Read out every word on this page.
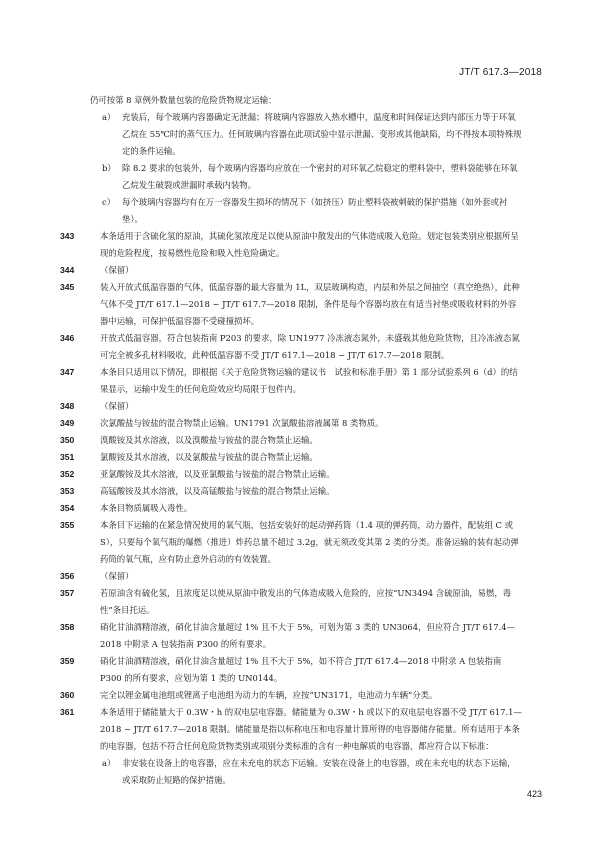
JT/T 617.3—2018

仍可按第 8 章例外数量包装的危险货物规定运输：

a） 充装后，每个玻璃内容器确定无泄漏；将玻璃内容器放入热水槽中，温度和时间保证达到内部压力等于环氧乙烷在 55℃时的蒸气压力。任何玻璃内容器在此项试验中显示泄漏、变形或其他缺陷，均不得按本项特殊规定的条件运输。
b） 除 8.2 要求的包装外，每个玻璃内容器均应放在一个密封的对环氧乙烷稳定的塑料袋中，塑料袋能够在环氧乙烷发生破裂或泄漏时承载内装物。
c） 每个玻璃内容器均有在万一容器发生损坏的情况下（如挤压）防止塑料袋被刺破的保护措施（如外套或衬垫）。
343	本条适用于含硫化氢的原油，其硫化氢浓度足以使从原油中散发出的气体造成吸入危险。划定包装类别应根据所呈现的危险程度，按易燃性危险和吸入性危险确定。
344	（保留）
345	装入开放式低温容器的气体，低温容器的最大容量为 1L，双层玻璃构造，内层和外层之间抽空（真空绝热），此种气体不受 JT/T 617.1—2018 ~ JT/T 617.7—2018 限制，条件是每个容器均放在有适当衬垫或吸收材料的外容器中运输，可保护低温容器不受碰撞损坏。
346	开放式低温容器，符合包装指南 P203 的要求，除 UN1977 冷冻液态氮外，未盛载其他危险货物，且冷冻液态氮可完全被多孔材料吸收，此种低温容器不受 JT/T 617.1—2018 ~ JT/T 617.7—2018 限制。
347	本条目只适用以下情况，即根据《关于危险货物运输的建议书　试验和标准手册》第 1 部分试验系列 6（d）的结果显示，运输中发生的任何危险效应均局限于包件内。
348	（保留）
349	次氯酸盐与铵盐的混合物禁止运输。UN1791 次氯酸盐溶液属第 8 类物质。
350	溴酸铵及其水溶液，以及溴酸盐与铵盐的混合物禁止运输。
351	氯酸铵及其水溶液，以及氯酸盐与铵盐的混合物禁止运输。
352	亚氯酸铵及其水溶液，以及亚氯酸盐与铵盐的混合物禁止运输。
353	高锰酸铵及其水溶液，以及高锰酸盐与铵盐的混合物禁止运输。
354	本条目物质属吸入毒性。
355	本条目下运输的在紧急情况使用的氧气瓶，包括安装好的起动弹药筒（1.4 项的弹药筒，动力器件，配装组 C 或 S），只要每个氧气瓶的爆燃（推进）炸药总量不超过 3.2g，就无须改变其第 2 类的分类。准备运输的装有起动弹药筒的氧气瓶，应有防止意外启动的有效装置。
356	（保留）
357	若原油含有硫化氢，且浓度足以使从原油中散发出的气体造成吸入危险的，应按“UN3494 含硫原油，易燃，毒性”条目托运。
358	硝化甘油酒精溶液，硝化甘油含量超过 1% 且不大于 5%，可划为第 3 类的 UN3064，但应符合 JT/T 617.4—2018 中附录 A 包装指南 P300 的所有要求。
359	硝化甘油酒精溶液，硝化甘油含量超过 1% 且不大于 5%，如不符合 JT/T 617.4—2018 中附录 A 包装指南 P300 的所有要求，应划为第 1 类的 UN0144。
360	完全以锂金属电池组或锂离子电池组为动力的车辆，应按“UN3171，电池动力车辆”分类。
361	本条适用于储能量大于 0.3W・h 的双电层电容器。储能量为 0.3W・h 或以下的双电层电容器不受 JT/T 617.1—2018 ~ JT/T 617.7—2018 限制。储能量是指以标称电压和电容量计算所得的电容器储存能量。所有适用于本条的电容器，包括不符合任何危险货物类别或项别分类标准的含有一种电解质的电容器，都应符合以下标准：
a） 非安装在设备上的电容器，应在未充电的状态下运输。安装在设备上的电容器，或在未充电的状态下运输，或采取防止短路的保护措施。
423
